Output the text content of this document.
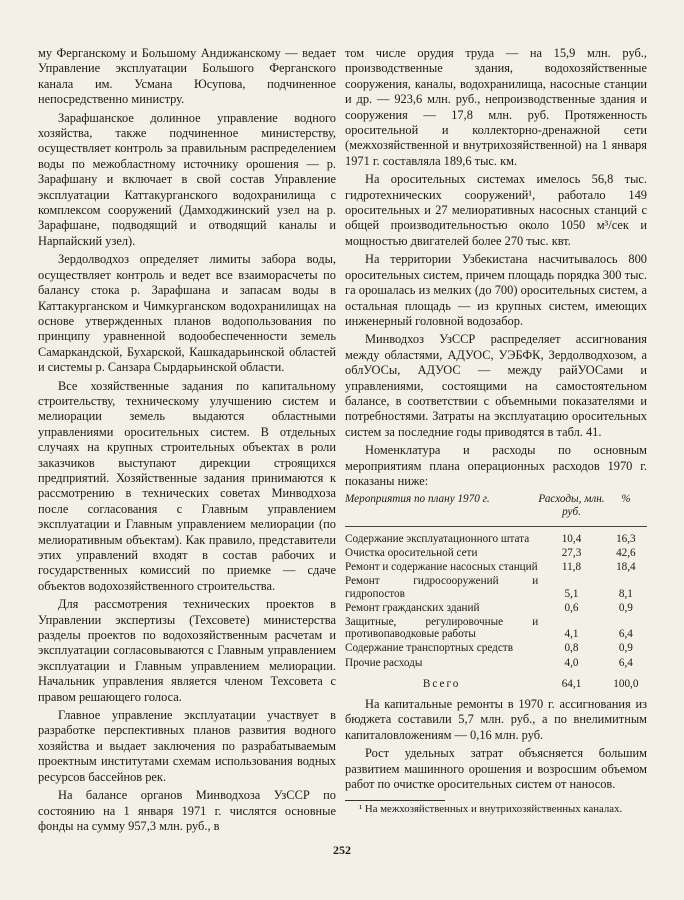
му Ферганскому и Большому Андижанскому — ведает Управление эксплуатации Большого Ферганского канала им. Усмана Юсупова, подчиненное непосредственно министру.

Зарафшанское долинное управление водного хозяйства, также подчиненное министерству, осуществляет контроль за правильным распределением воды по межобластному источнику орошения — р. Зарафшану и включает в свой состав Управление эксплуатации Каттакурганского водохранилища с комплексом сооружений (Дамходжинский узел на р. Зарафшане, подводящий и отводящий каналы и Нарпайский узел).

Зердолводхоз определяет лимиты забора воды, осуществляет контроль и ведет все взаиморасчеты по балансу стока р. Зарафшана и запасам воды в Каттакурганском и Чимкурганском водохранилищах на основе утвержденных планов водопользования по принципу уравненной водообеспеченности земель Самаркандской, Бухарской, Кашкадарьинской областей и системы р. Санзара Сырдарьинской области.

Все хозяйственные задания по капитальному строительству, техническому улучшению систем и мелиорации земель выдаются областными управлениями оросительных систем. В отдельных случаях на крупных строительных объектах в роли заказчиков выступают дирекции строящихся предприятий. Хозяйственные задания принимаются к рассмотрению в технических советах Минводхоза после согласования с Главным управлением эксплуатации и Главным управлением мелиорации (по мелиоративным объектам). Как правило, представители этих управлений входят в состав рабочих и государственных комиссий по приемке — сдаче объектов водохозяйственного строительства.

Для рассмотрения технических проектов в Управлении экспертизы (Техсовете) министерства разделы проектов по водохозяйственным расчетам и эксплуатации согласовываются с Главным управлением эксплуатации и Главным управлением мелиорации. Начальник управления является членом Техсовета с правом решающего голоса.

Главное управление эксплуатации участвует в разработке перспективных планов развития водного хозяйства и выдает заключения по разрабатываемым проектным институтами схемам использования водных ресурсов бассейнов рек.

На балансе органов Минводхоза УзССР по состоянию на 1 января 1971 г. числятся основные фонды на сумму 957,3 млн. руб., в

том числе орудия труда — на 15,9 млн. руб., производственные здания, водохозяйственные сооружения, каналы, водохранилища, насосные станции и др. — 923,6 млн. руб., непроизводственные здания и сооружения — 17,8 млн. руб. Протяженность оросительной и коллекторно-дренажной сети (межхозяйственной и внутрихозяйственной) на 1 января 1971 г. составляла 189,6 тыс. км.

На оросительных системах имелось 56,8 тыс. гидротехнических сооружений¹, работало 149 оросительных и 27 мелиоративных насосных станций с общей производительностью около 1050 м³/сек и мощностью двигателей более 270 тыс. квт.

На территории Узбекистана насчитывалось 800 оросительных систем, причем площадь порядка 300 тыс. га орошалась из мелких (до 700) оросительных систем, а остальная площадь — из крупных систем, имеющих инженерный головной водозабор.

Минводхоз УзССР распределяет ассигнования между областями, АДУОС, УЭБФК, Зердолводхозом, а облУОСы, АДУОС — между райУОСами и управлениями, состоящими на самостоятельном балансе, в соответствии с объемными показателями и потребностями. Затраты на эксплуатацию оросительных систем за последние годы приводятся в табл. 41.

Номенклатура и расходы по основным мероприятиям плана операционных расходов 1970 г. показаны ниже:

Мероприятия по плану 1970 г.	Расходы, млн. руб.	%
Содержание эксплуатационного штата	10,4	16,3
Очистка оросительной сети	27,3	42,6
Ремонт и содержание насосных станций	11,8	18,4
Ремонт гидросооружений и гидропостов	5,1	8,1
Ремонт гражданских зданий	0,6	0,9
Защитные, регулировочные и противопаводковые работы	4,1	6,4
Содержание транспортных средств	0,8	0,9
Прочие расходы	4,0	6,4
Всего	64,1	100,0

На капитальные ремонты в 1970 г. ассигнования из бюджета составили 5,7 млн. руб., а по внелимитным капиталовложениям — 0,16 млн. руб.

Рост удельных затрат объясняется большим развитием машинного орошения и возросшим объемом работ по очистке оросительных систем от наносов.

¹ На межхозяйственных и внутрихозяйственных каналах.
252
